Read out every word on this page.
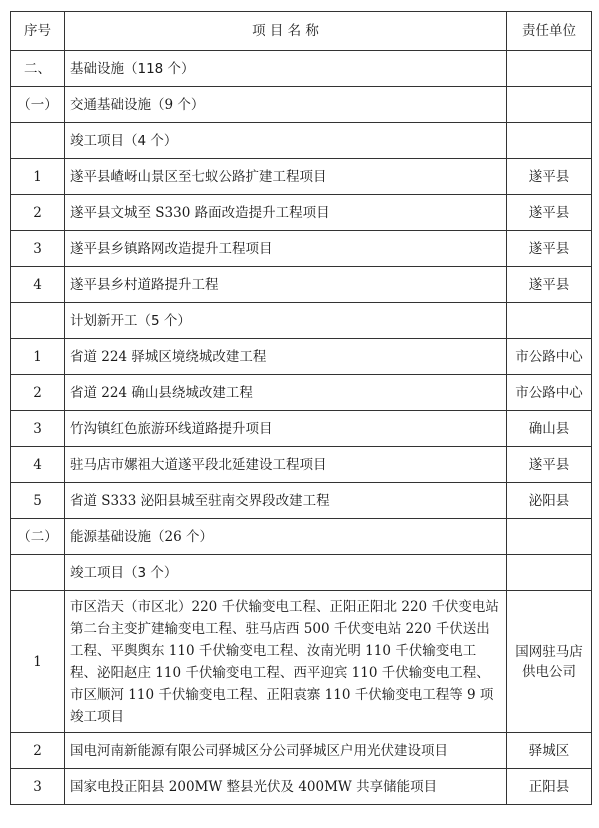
序号	项 目 名 称	责任单位
二、	基础设施（118 个）	
（一）	交通基础设施（9 个）	
	竣工项目（4 个）	
1	遂平县嵖岈山景区至七蚁公路扩建工程项目	遂平县
2	遂平县文城至 S330 路面改造提升工程项目	遂平县
3	遂平县乡镇路网改造提升工程项目	遂平县
4	遂平县乡村道路提升工程	遂平县
	计划新开工（5 个）	
1	省道 224 驿城区境绕城改建工程	市公路中心
2	省道 224 确山县绕城改建工程	市公路中心
3	竹沟镇红色旅游环线道路提升项目	确山县
4	驻马店市嫘祖大道遂平段北延建设工程项目	遂平县
5	省道 S333 泌阳县城至驻南交界段改建工程	泌阳县
（二）	能源基础设施（26 个）	
	竣工项目（3 个）	
1	市区浩天（市区北）220 千伏输变电工程、正阳正阳北 220 千伏变电站第二台主变扩建输变电工程、驻马店西 500 千伏变电站 220 千伏送出工程、平舆舆东 110 千伏输变电工程、汝南光明 110 千伏输变电工程、泌阳赵庄 110 千伏输变电工程、西平迎宾 110 千伏输变电工程、市区顺河 110 千伏输变电工程、正阳袁寨 110 千伏输变电工程等 9 项竣工项目	国网驻马店供电公司
2	国电河南新能源有限公司驿城区分公司驿城区户用光伏建设项目	驿城区
3	国家电投正阳县 200MW 整县光伏及 400MW 共享储能项目	正阳县
